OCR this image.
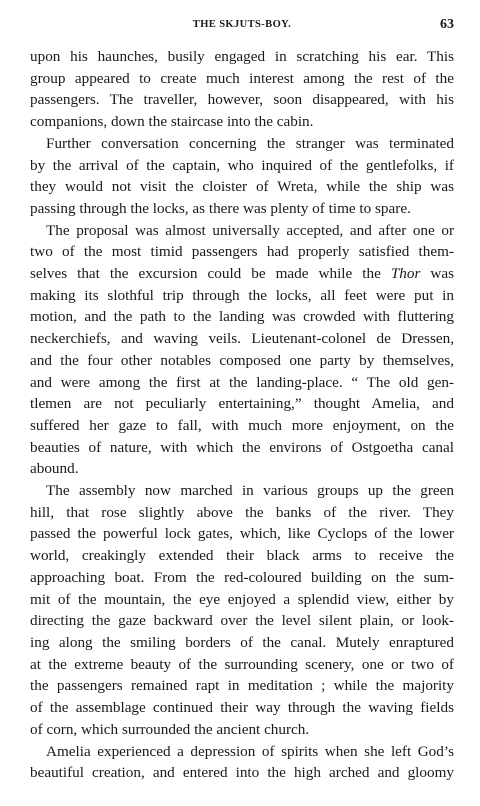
THE SKJUTS-BOY.	63

upon his haunches, busily engaged in scratching his ear. This
group appeared to create much interest among the rest of the
passengers. The traveller, however, soon disappeared, with his
companions, down the staircase into the cabin.

Further conversation concerning the stranger was terminated
by the arrival of the captain, who inquired of the gentlefolks, if
they would not visit the cloister of Wreta, while the ship was
passing through the locks, as there was plenty of time to spare.

The proposal was almost universally accepted, and after one or
two of the most timid passengers had properly satisfied them-
selves that the excursion could be made while the Thor was
making its slothful trip through the locks, all feet were put in
motion, and the path to the landing was crowded with fluttering
neckerchiefs, and waving veils. Lieutenant-colonel de Dressen,
and the four other notables composed one party by themselves,
and were among the first at the landing-place. “ The old gen-
tlemen are not peculiarly entertaining,” thought Amelia, and
suffered her gaze to fall, with much more enjoyment, on the
beauties of nature, with which the environs of Ostgoetha canal
abound.

The assembly now marched in various groups up the green
hill, that rose slightly above the banks of the river. They
passed the powerful lock gates, which, like Cyclops of the lower
world, creakingly extended their black arms to receive the
approaching boat. From the red-coloured building on the sum-
mit of the mountain, the eye enjoyed a splendid view, either by
directing the gaze backward over the level silent plain, or look-
ing along the smiling borders of the canal. Mutely enraptured
at the extreme beauty of the surrounding scenery, one or two of
the passengers remained rapt in meditation ; while the majority
of the assemblage continued their way through the waving fields
of corn, which surrounded the ancient church.

Amelia experienced a depression of spirits when she left God’s
beautiful creation, and entered into the high arched and gloomy
